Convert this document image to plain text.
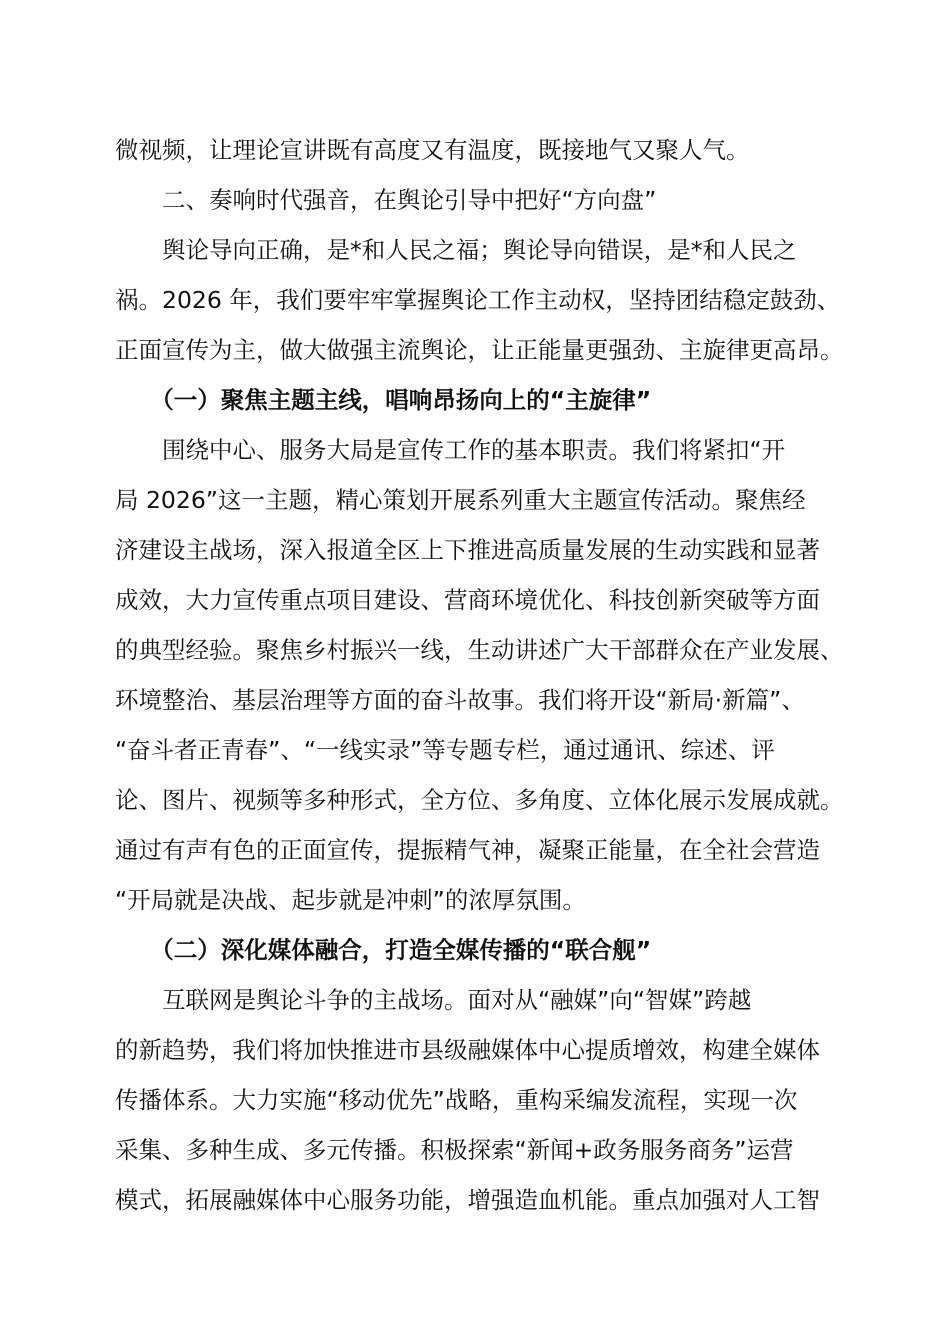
微视频，让理论宣讲既有高度又有温度，既接地气又聚人气。
　　二、奏响时代强音，在舆论引导中把好“方向盘”
　　舆论导向正确，是*和人民之福；舆论导向错误，是*和人民之
祸。2026 年，我们要牢牢掌握舆论工作主动权，坚持团结稳定鼓劲、
正面宣传为主，做大做强主流舆论，让正能量更强劲、主旋律更高昂。
　　（一）聚焦主题主线，唱响昂扬向上的“主旋律”
　　围绕中心、服务大局是宣传工作的基本职责。我们将紧扣“开
局 2026”这一主题，精心策划开展系列重大主题宣传活动。聚焦经
济建设主战场，深入报道全区上下推进高质量发展的生动实践和显著
成效，大力宣传重点项目建设、营商环境优化、科技创新突破等方面
的典型经验。聚焦乡村振兴一线，生动讲述广大干部群众在产业发展、
环境整治、基层治理等方面的奋斗故事。我们将开设“新局·新篇”、
“奋斗者正青春”、“一线实录”等专题专栏，通过通讯、综述、评
论、图片、视频等多种形式，全方位、多角度、立体化展示发展成就。
通过有声有色的正面宣传，提振精气神，凝聚正能量，在全社会营造
“开局就是决战、起步就是冲刺”的浓厚氛围。
　　（二）深化媒体融合，打造全媒传播的“联合舰”
　　互联网是舆论斗争的主战场。面对从“融媒”向“智媒”跨越
的新趋势，我们将加快推进市县级融媒体中心提质增效，构建全媒体
传播体系。大力实施“移动优先”战略，重构采编发流程，实现一次
采集、多种生成、多元传播。积极探索“新闻+政务服务商务”运营
模式，拓展融媒体中心服务功能，增强造血机能。重点加强对人工智
